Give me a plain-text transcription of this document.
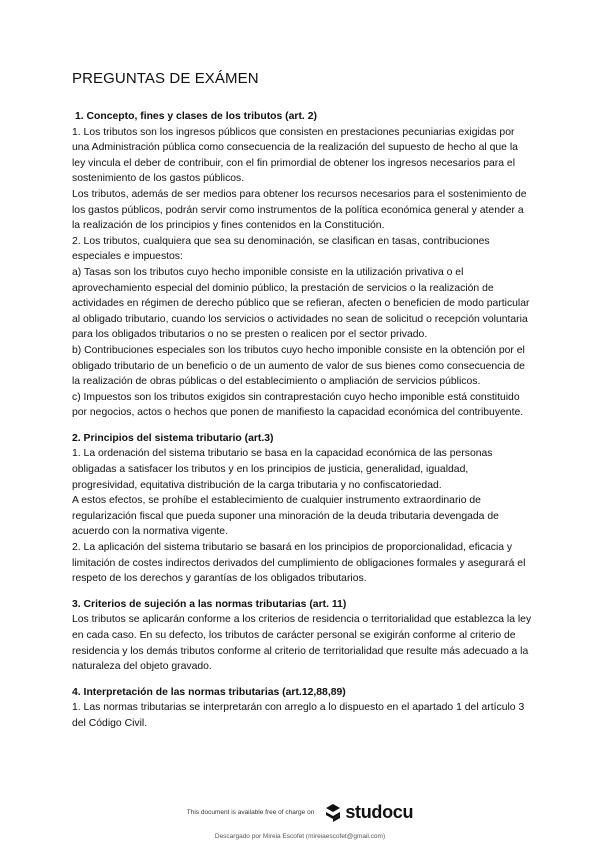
PREGUNTAS DE EXÁMEN

1. Concepto, fines y clases de los tributos (art. 2)

1. Los tributos son los ingresos públicos que consisten en prestaciones pecuniarias exigidas por una Administración pública como consecuencia de la realización del supuesto de hecho al que la ley vincula el deber de contribuir, con el fin primordial de obtener los ingresos necesarios para el sostenimiento de los gastos públicos.

Los tributos, además de ser medios para obtener los recursos necesarios para el sostenimiento de los gastos públicos, podrán servir como instrumentos de la política económica general y atender a la realización de los principios y fines contenidos en la Constitución.

2. Los tributos, cualquiera que sea su denominación, se clasifican en tasas, contribuciones especiales e impuestos:

a) Tasas son los tributos cuyo hecho imponible consiste en la utilización privativa o el aprovechamiento especial del dominio público, la prestación de servicios o la realización de actividades en régimen de derecho público que se refieran, afecten o beneficien de modo particular al obligado tributario, cuando los servicios o actividades no sean de solicitud o recepción voluntaria para los obligados tributarios o no se presten o realicen por el sector privado.

b) Contribuciones especiales son los tributos cuyo hecho imponible consiste en la obtención por el obligado tributario de un beneficio o de un aumento de valor de sus bienes como consecuencia de la realización de obras públicas o del establecimiento o ampliación de servicios públicos.

c) Impuestos son los tributos exigidos sin contraprestación cuyo hecho imponible está constituido por negocios, actos o hechos que ponen de manifiesto la capacidad económica del contribuyente.

2. Principios del sistema tributario (art.3)

1. La ordenación del sistema tributario se basa en la capacidad económica de las personas obligadas a satisfacer los tributos y en los principios de justicia, generalidad, igualdad, progresividad, equitativa distribución de la carga tributaria y no confiscatoriedad.

A estos efectos, se prohíbe el establecimiento de cualquier instrumento extraordinario de regularización fiscal que pueda suponer una minoración de la deuda tributaria devengada de acuerdo con la normativa vigente.

2. La aplicación del sistema tributario se basará en los principios de proporcionalidad, eficacia y limitación de costes indirectos derivados del cumplimiento de obligaciones formales y asegurará el respeto de los derechos y garantías de los obligados tributarios.

3. Criterios de sujeción a las normas tributarias (art. 11)

Los tributos se aplicarán conforme a los criterios de residencia o territorialidad que establezca la ley en cada caso. En su defecto, los tributos de carácter personal se exigirán conforme al criterio de residencia y los demás tributos conforme al criterio de territorialidad que resulte más adecuado a la naturaleza del objeto gravado.

4. Interpretación de las normas tributarias (art.12,88,89)

1. Las normas tributarias se interpretarán con arreglo a lo dispuesto en el apartado 1 del artículo 3 del Código Civil.

This document is available free of charge on studocu
Descargado por Mireia Escofet (mireiaescofet@gmail.com)
